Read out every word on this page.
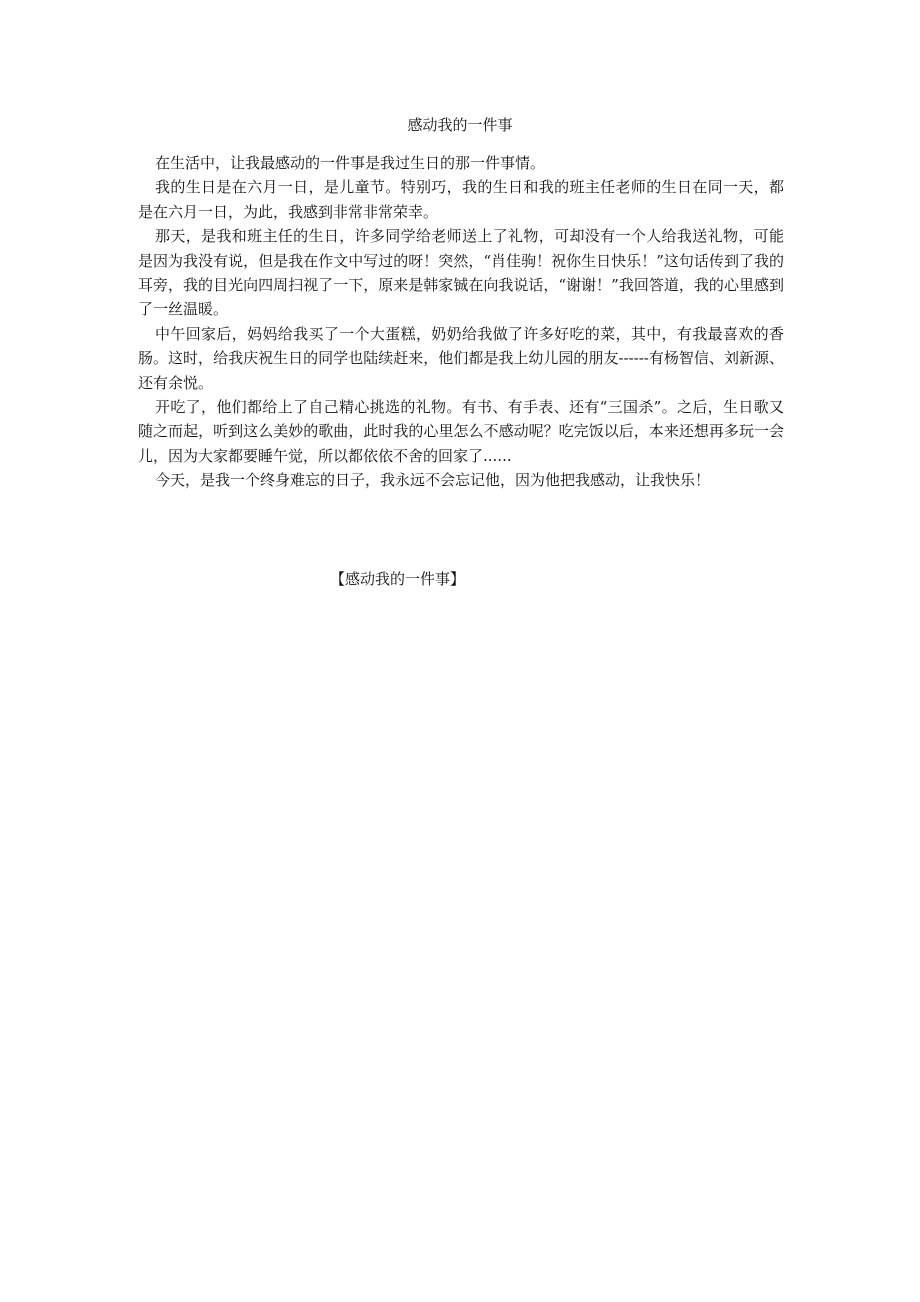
感动我的一件事

在生活中，让我最感动的一件事是我过生日的那一件事情。

我的生日是在六月一日，是儿童节。特别巧，我的生日和我的班主任老师的生日在同一天，都是在六月一日，为此，我感到非常非常荣幸。

那天，是我和班主任的生日，许多同学给老师送上了礼物，可却没有一个人给我送礼物，可能是因为我没有说，但是我在作文中写过的呀！突然，“肖佳驹！祝你生日快乐！”这句话传到了我的耳旁，我的目光向四周扫视了一下，原来是韩家铖在向我说话，“谢谢！”我回答道，我的心里感到了一丝温暖。

中午回家后，妈妈给我买了一个大蛋糕，奶奶给我做了许多好吃的菜，其中，有我最喜欢的香肠。这时，给我庆祝生日的同学也陆续赶来，他们都是我上幼儿园的朋友------有杨智信、刘新源、还有余悦。

开吃了，他们都给上了自己精心挑选的礼物。有书、有手表、还有“三国杀”。之后，生日歌又随之而起，听到这么美妙的歌曲，此时我的心里怎么不感动呢？吃完饭以后，本来还想再多玩一会儿，因为大家都要睡午觉，所以都依依不舍的回家了......

今天，是我一个终身难忘的日子，我永远不会忘记他，因为他把我感动，让我快乐！

【感动我的一件事】
